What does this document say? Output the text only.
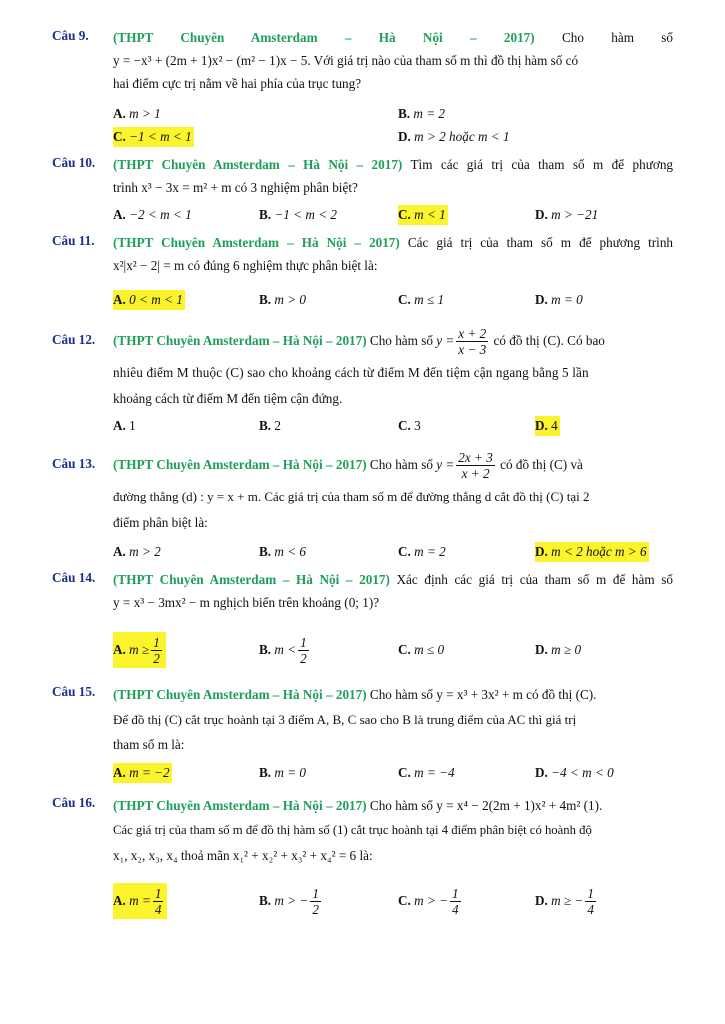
Câu 9. (THPT Chuyên Amsterdam – Hà Nội – 2017) Cho hàm số
y = −x³ + (2m + 1)x² − (m² − 1)x − 5. Với giá trị nào của tham số m thì đồ thị hàm số có
hai điểm cực trị nằm về hai phía của trục tung?
A. m > 1	B. m = 2
C. −1 < m < 1	D. m > 2 hoặc m < 1
Câu 10. (THPT Chuyên Amsterdam – Hà Nội – 2017) Tìm các giá trị của tham số m để phương
trình x³ − 3x = m² + m có 3 nghiệm phân biệt?
A. −2 < m < 1	B. −1 < m < 2	C. m < 1	D. m > −21
Câu 11. (THPT Chuyên Amsterdam – Hà Nội – 2017) Các giá trị của tham số m để phương trình
x²|x² − 2| = m có đúng 6 nghiệm thực phân biệt là:
A. 0 < m < 1	B. m > 0	C. m ≤ 1	D. m = 0
Câu 12. (THPT Chuyên Amsterdam – Hà Nội – 2017) Cho hàm số $y = \frac{x + 2}{x - 3}$ có đồ thị (C). Có bao
nhiêu điểm M thuộc (C) sao cho khoảng cách từ điểm M đến tiệm cận ngang bằng 5 lần
khoảng cách từ điểm M đến tiệm cận đứng.
A. 1	B. 2	C. 3	D. 4
Câu 13. (THPT Chuyên Amsterdam – Hà Nội – 2017) Cho hàm số $y = \frac{2x + 3}{x + 2}$ có đồ thị (C) và
đường thẳng (d) : y = x + m. Các giá trị của tham số m để đường thẳng d cắt đồ thị (C) tại 2
điểm phân biệt là:
A. m > 2	B. m < 6	C. m = 2	D. m < 2 hoặc m > 6
Câu 14. (THPT Chuyên Amsterdam – Hà Nội – 2017) Xác định các giá trị của tham số m để hàm số
y = x³ − 3mx² − m nghịch biến trên khoảng (0; 1)?
A. $m \ge \frac{1}{2}$	B. $m < \frac{1}{2}$	C. m ≤ 0	D. m ≥ 0
Câu 15. (THPT Chuyên Amsterdam – Hà Nội – 2017) Cho hàm số y = x³ + 3x² + m có đồ thị (C).
Để đồ thị (C) cắt trục hoành tại 3 điểm A, B, C sao cho B là trung điểm của AC thì giá trị
tham số m là:
A. m = −2	B. m = 0	C. m = −4	D. −4 < m < 0
Câu 16. (THPT Chuyên Amsterdam – Hà Nội – 2017) Cho hàm số y = x⁴ − 2(2m + 1)x² + 4m² (1).
Các giá trị của tham số m để đồ thị hàm số (1) cắt trục hoành tại 4 điểm phân biệt có hoành độ
x₁, x₂, x₃, x₄ thoả mãn x₁² + x₂² + x₃² + x₄² = 6 là:
A. $m = \frac{1}{4}$	B. m > − $\frac{1}{2}$	C. m > − $\frac{1}{4}$	D. m ≥ − $\frac{1}{4}$
